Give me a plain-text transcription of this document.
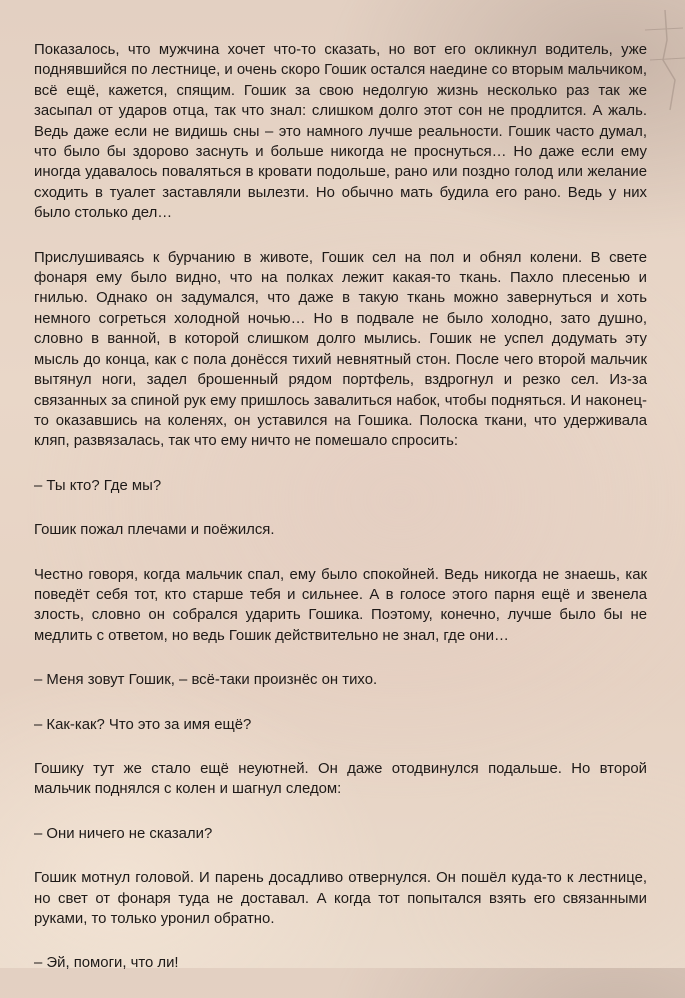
Показалось, что мужчина хочет что-то сказать, но вот его окликнул водитель, уже поднявшийся по лестнице, и очень скоро Гошик остался наедине со вторым мальчиком, всё ещё, кажется, спящим. Гошик за свою недолгую жизнь несколько раз так же засыпал от ударов отца, так что знал: слишком долго этот сон не продлится. А жаль. Ведь даже если не видишь сны – это намного лучше реальности. Гошик часто думал, что было бы здорово заснуть и больше никогда не проснуться… Но даже если ему иногда удавалось поваляться в кровати подольше, рано или поздно голод или желание сходить в туалет заставляли вылезти. Но обычно мать будила его рано. Ведь у них было столько дел…

Прислушиваясь к бурчанию в животе, Гошик сел на пол и обнял колени. В свете фонаря ему было видно, что на полках лежит какая-то ткань. Пахло плесенью и гнилью. Однако он задумался, что даже в такую ткань можно завернуться и хоть немного согреться холодной ночью… Но в подвале не было холодно, зато душно, словно в ванной, в которой слишком долго мылись. Гошик не успел додумать эту мысль до конца, как с пола донёсся тихий невнятный стон. После чего второй мальчик вытянул ноги, задел брошенный рядом портфель, вздрогнул и резко сел. Из-за связанных за спиной рук ему пришлось завалиться набок, чтобы подняться. И наконец-то оказавшись на коленях, он уставился на Гошика. Полоска ткани, что удерживала кляп, развязалась, так что ему ничто не помешало спросить:

– Ты кто? Где мы?

Гошик пожал плечами и поёжился.

Честно говоря, когда мальчик спал, ему было спокойней. Ведь никогда не знаешь, как поведёт себя тот, кто старше тебя и сильнее. А в голосе этого парня ещё и звенела злость, словно он собрался ударить Гошика. Поэтому, конечно, лучше было бы не медлить с ответом, но ведь Гошик действительно не знал, где они…

– Меня зовут Гошик, – всё-таки произнёс он тихо.

– Как-как? Что это за имя ещё?

Гошику тут же стало ещё неуютней. Он даже отодвинулся подальше. Но второй мальчик поднялся с колен и шагнул следом:

– Они ничего не сказали?

Гошик мотнул головой. И парень досадливо отвернулся. Он пошёл куда-то к лестнице, но свет от фонаря туда не доставал. А когда тот попытался взять его связанными руками, то только уронил обратно.

– Эй, помоги, что ли!
